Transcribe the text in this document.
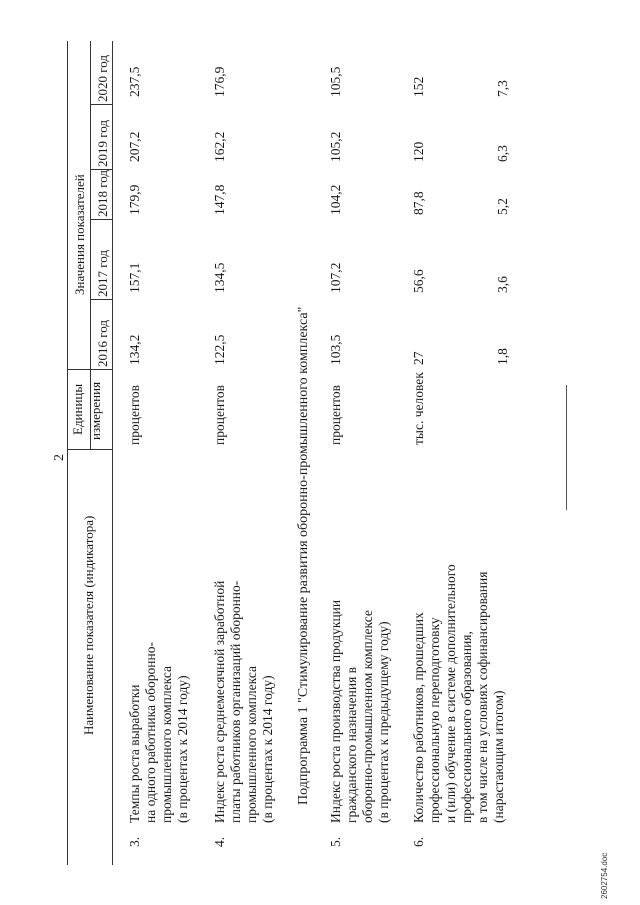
2
Наименование показателя (индикатора)
Единицы измерения
Значения показателей
2016 год
2017 год
2018 год
2019 год
2020 год
3.
Темпы роста выработки на одного работника оборонно- промышленного комплекса (в процентах к 2014 году)
процентов
134,2
157,1
179,9
207,2
237,5
4.
Индекс роста среднемесячной заработной платы работников организаций оборонно- промышленного комплекса (в процентах к 2014 году)
процентов
122,5
134,5
147,8
162,2
176,9
Подпрограмма 1 "Стимулирование развития оборонно-промышленного комплекса"
5.
Индекс роста производства продукции гражданского назначения в оборонно-промышленном комплексе (в процентах к предыдущему году)
процентов
103,5
107,2
104,2
105,2
105,5
6.
Количество работников, прошедших профессиональную переподготовку и (или) обучение в системе дополнительного профессионального образования, в том числе на условиях софинансирования (нарастающим итогом)
тыс. человек
27
56,6
87,8
120
152
1,8
3,6
5,2
6,3
7,3
2602754.doc
